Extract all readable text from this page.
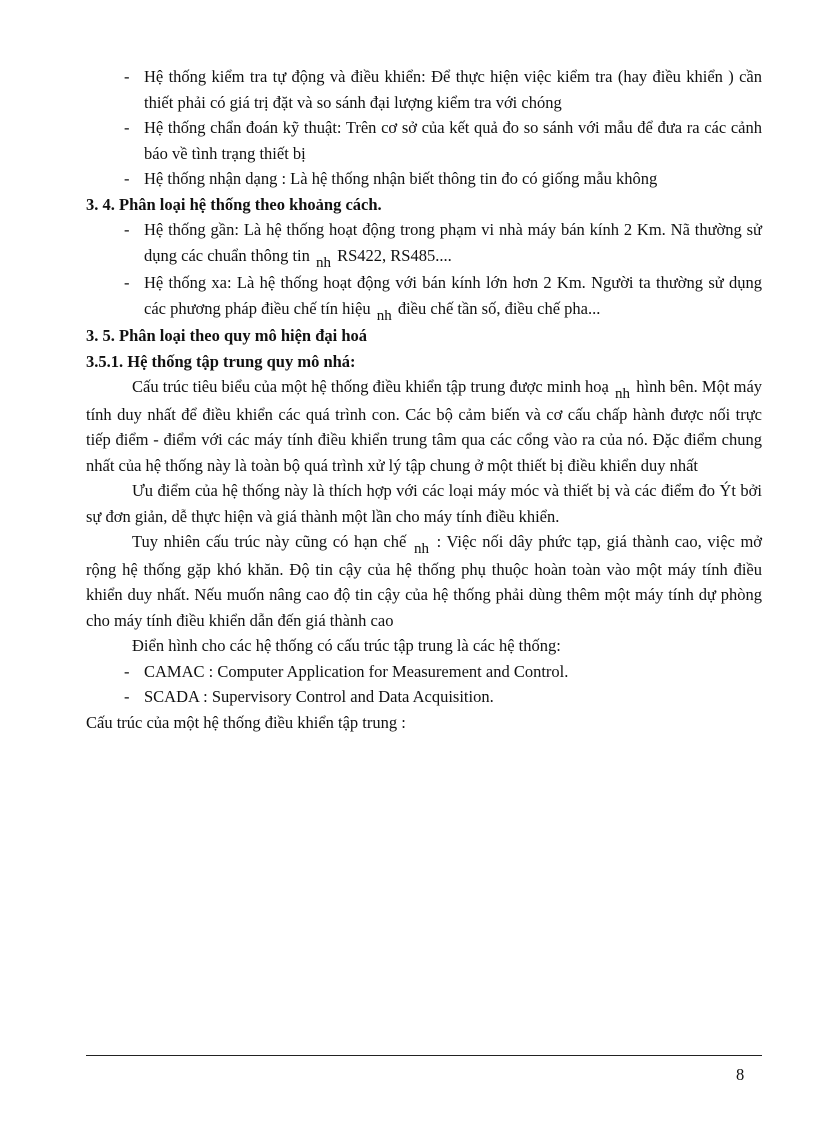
- Hệ thống kiểm tra tự động và điều khiển: Để thực hiện việc kiểm tra (hay điều khiển ) cần thiết phải có giá trị đặt và so sánh đại lượng kiểm tra với chóng
- Hệ thống chẩn đoán kỹ thuật: Trên cơ sở của kết quả đo so sánh với mẫu để đưa ra các cảnh báo về tình trạng thiết bị
- Hệ thống nhận dạng : Là hệ thống nhận biết thông tin đo có giống mẫu không
3. 4. Phân loại hệ thống theo khoảng cách.
- Hệ thống gần: Là hệ thống hoạt động trong phạm vi nhà máy bán kính 2 Km. Nã thường sử dụng các chuẩn thông tin nh RS422, RS485....
- Hệ thống xa: Là hệ thống hoạt động với bán kính lớn hơn 2 Km. Người ta thường sử dụng các phương pháp điều chế tín hiệu nh điều chế tần số, điều chế pha...
3. 5. Phân loại theo quy mô hiện đại hoá
3.5.1. Hệ thống tập trung quy mô nhá:
Cấu trúc tiêu biểu của một hệ thống điều khiển tập trung được minh hoạ nh hình bên. Một máy tính duy nhất để điều khiển các quá trình con. Các bộ cảm biến và cơ cấu chấp hành được nối trực tiếp điểm - điểm với các máy tính điều khiển trung tâm qua các cổng vào ra của nó. Đặc điểm chung nhất của hệ thống này là toàn bộ quá trình xử lý tập chung ở một thiết bị điều khiển duy nhất
Ưu điểm của hệ thống này là thích hợp với các loại máy móc và thiết bị và các điểm đo Ýt bởi sự đơn giản, dễ thực hiện và giá thành một lần cho máy tính điều khiển.
Tuy nhiên cấu trúc này cũng có hạn chế nh : Việc nối dây phức tạp, giá thành cao, việc mở rộng hệ thống gặp khó khăn. Độ tin cậy của hệ thống phụ thuộc hoàn toàn vào một máy tính điều khiển duy nhất. Nếu muốn nâng cao độ tin cậy của hệ thống phải dùng thêm một máy tính dự phòng cho máy tính điều khiển dẫn đến giá thành cao
Điển hình cho các hệ thống có cấu trúc tập trung là các hệ thống:
- CAMAC : Computer Application for Measurement and Control.
- SCADA : Supervisory Control and Data Acquisition.
Cấu trúc của một hệ thống điều khiển tập trung :
8
